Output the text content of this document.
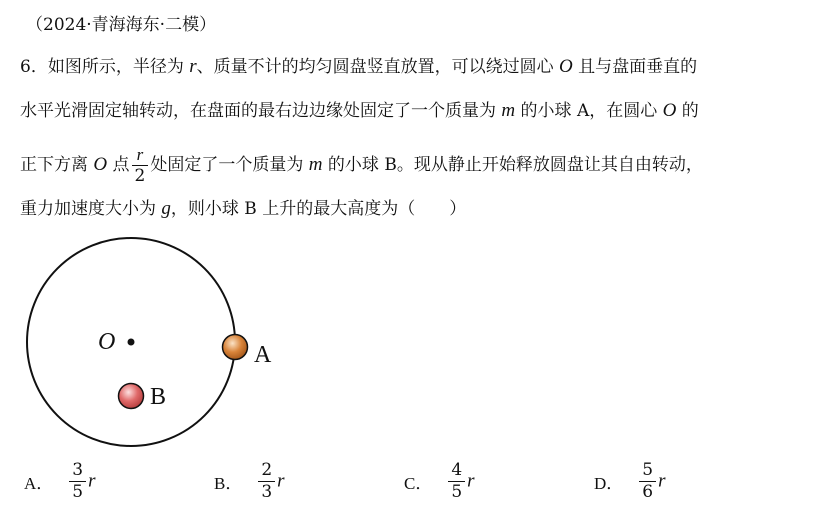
（2024·青海海东·二模）
6．如图所示，半径为 r、质量不计的均匀圆盘竖直放置，可以绕过圆心 O 且与盘面垂直的
水平光滑固定轴转动，在盘面的最右边边缘处固定了一个质量为 m 的小球 A，在圆心 O 的
正下方离 O 点 $\frac{r}{2}$ 处固定了一个质量为 m 的小球 B。现从静止开始释放圆盘让其自由转动，
重力加速度大小为 g，则小球 B 上升的最大高度为（　　）
O	A
B
A． $\frac{3}{5}$ r	B． $\frac{2}{3}$ r	C． $\frac{4}{5}$ r	D． $\frac{5}{6}$ r
